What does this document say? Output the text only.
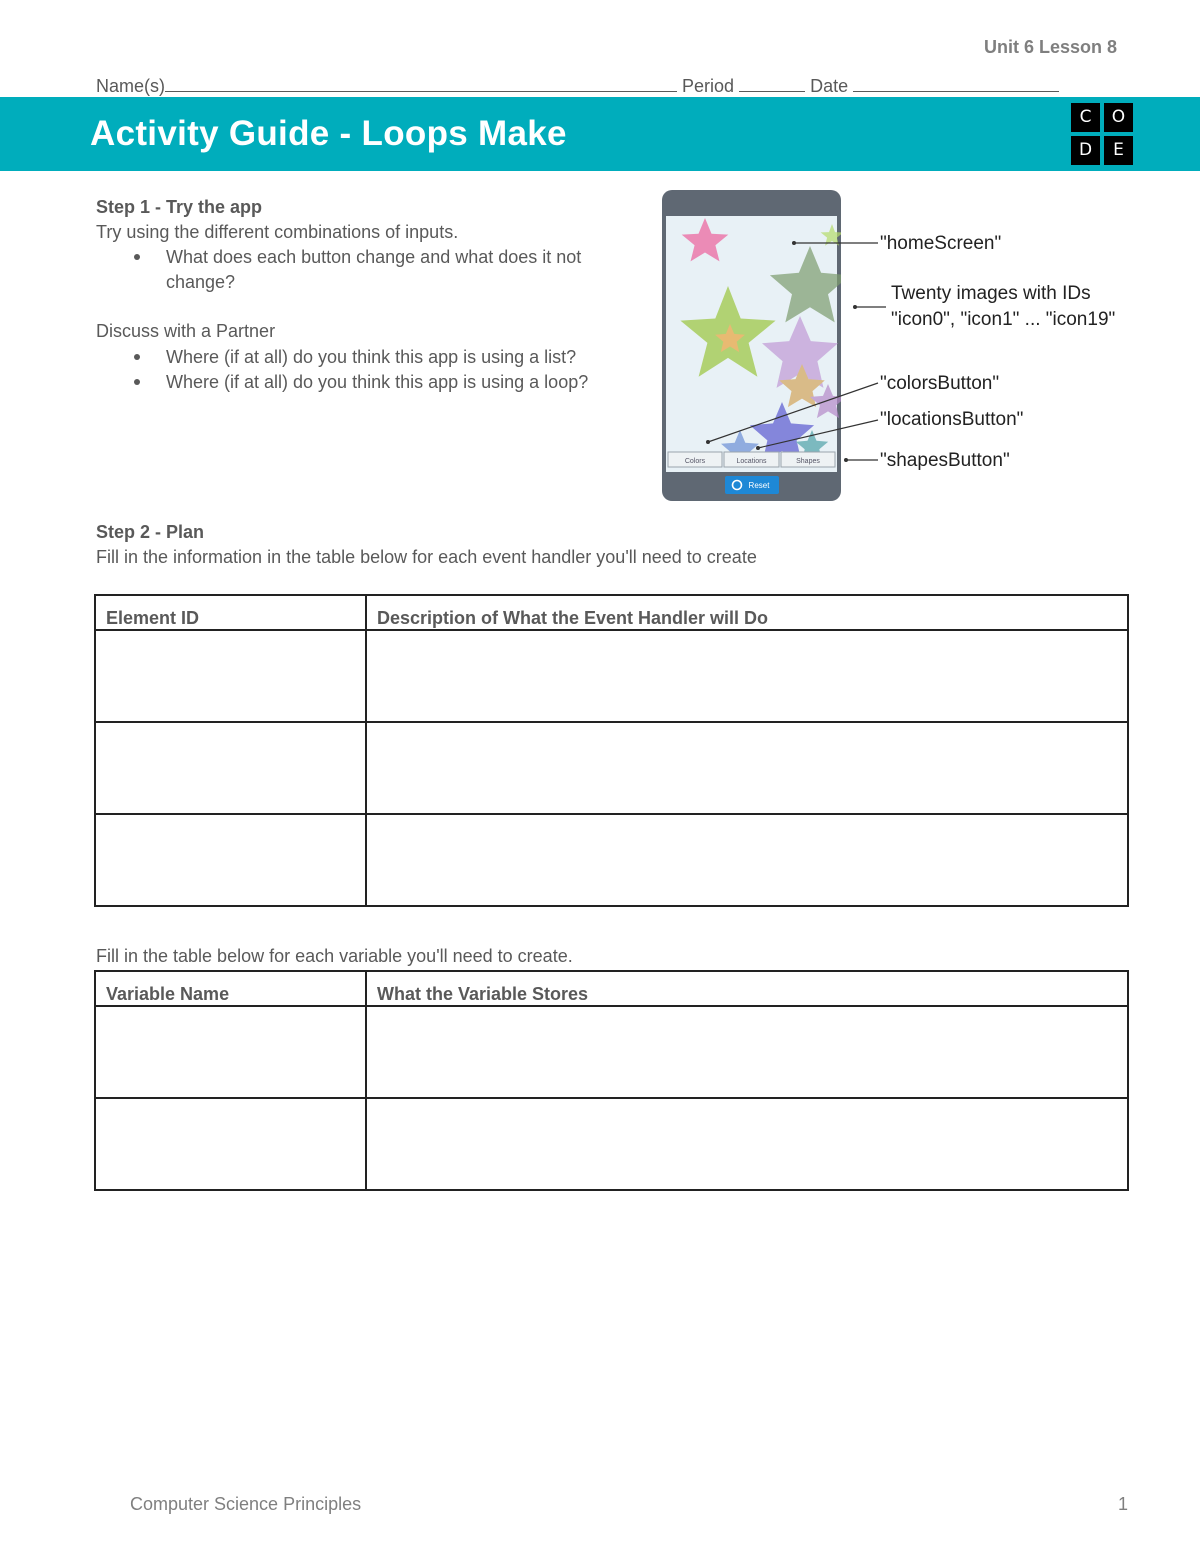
Unit 6 Lesson 8
Name(s)	Period	Date
Activity Guide - Loops Make	C	O
D	E
Step 1 - Try the app
Try using the different combinations of inputs.
What does each button change and what does it not change?
Discuss with a Partner
Where (if at all) do you think this app is using a list?
Where (if at all) do you think this app is using a loop?
Colors	Locations	Shapes
Reset
"homeScreen"
Twenty images with IDs
"icon0", "icon1" ... "icon19"
"colorsButton"
"locationsButton"
"shapesButton"
Step 2 - Plan
Fill in the information in the table below for each event handler you'll need to create
Element ID	Description of What the Event Handler will Do

Fill in the table below for each variable you'll need to create.
Variable Name	What the Variable Stores

Computer Science Principles	1
